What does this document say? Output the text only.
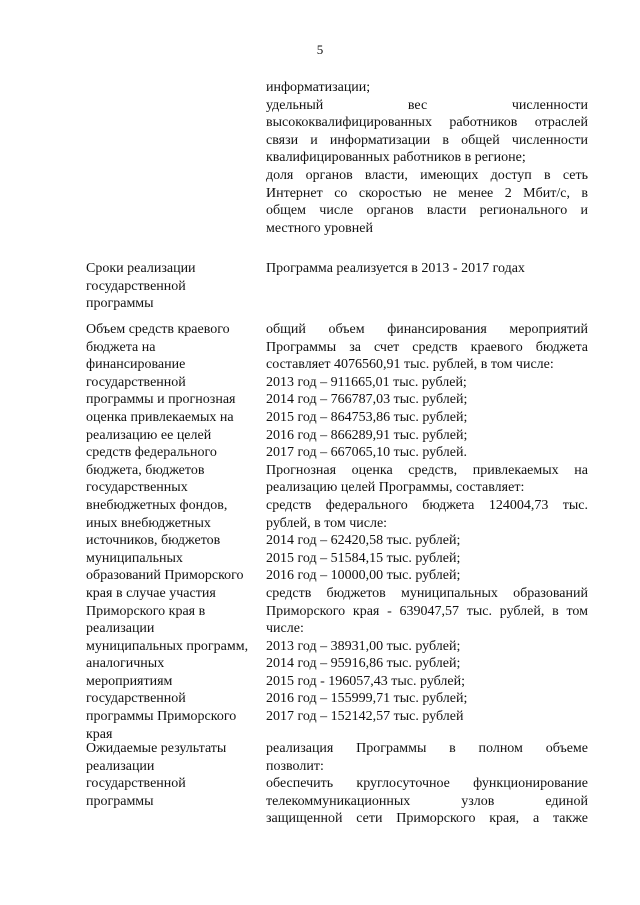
5
информатизации;
удельный вес численности
высококвалифицированных работников отраслей
связи и информатизации в общей численности
квалифицированных работников в регионе;
доля органов власти, имеющих доступ в сеть
Интернет со скоростью не менее 2 Мбит/с, в
общем числе органов власти регионального и
местного уровней
Сроки реализации
государственной
программы
Программа реализуется в 2013 - 2017 годах
Объем средств краевого
бюджета на
финансирование
государственной
программы и прогнозная
оценка привлекаемых на
реализацию ее целей
средств федерального
бюджета, бюджетов
государственных
внебюджетных фондов,
иных внебюджетных
источников, бюджетов
муниципальных
образований Приморского
края в случае участия
Приморского края в
реализации
муниципальных программ,
аналогичных
мероприятиям
государственной
программы Приморского
края
общий объем финансирования мероприятий
Программы за счет средств краевого бюджета
составляет 4076560,91 тыс. рублей, в том числе:
2013 год – 911665,01 тыс. рублей;
2014 год – 766787,03 тыс. рублей;
2015 год – 864753,86 тыс. рублей;
2016 год – 866289,91 тыс. рублей;
2017 год – 667065,10 тыс. рублей.
Прогнозная оценка средств, привлекаемых на
реализацию целей Программы, составляет:
средств федерального бюджета 124004,73 тыс.
рублей, в том числе:
2014 год – 62420,58 тыс. рублей;
2015 год – 51584,15 тыс. рублей;
2016 год – 10000,00 тыс. рублей;
средств бюджетов муниципальных образований
Приморского края - 639047,57 тыс. рублей, в том
числе:
2013 год – 38931,00 тыс. рублей;
2014 год – 95916,86 тыс. рублей;
2015 год - 196057,43 тыс. рублей;
2016 год – 155999,71 тыс. рублей;
2017 год – 152142,57 тыс. рублей
Ожидаемые результаты
реализации
государственной
программы
реализация Программы в полном объеме
позволит:
обеспечить круглосуточное функционирование
телекоммуникационных узлов единой
защищенной сети Приморского края, а также
